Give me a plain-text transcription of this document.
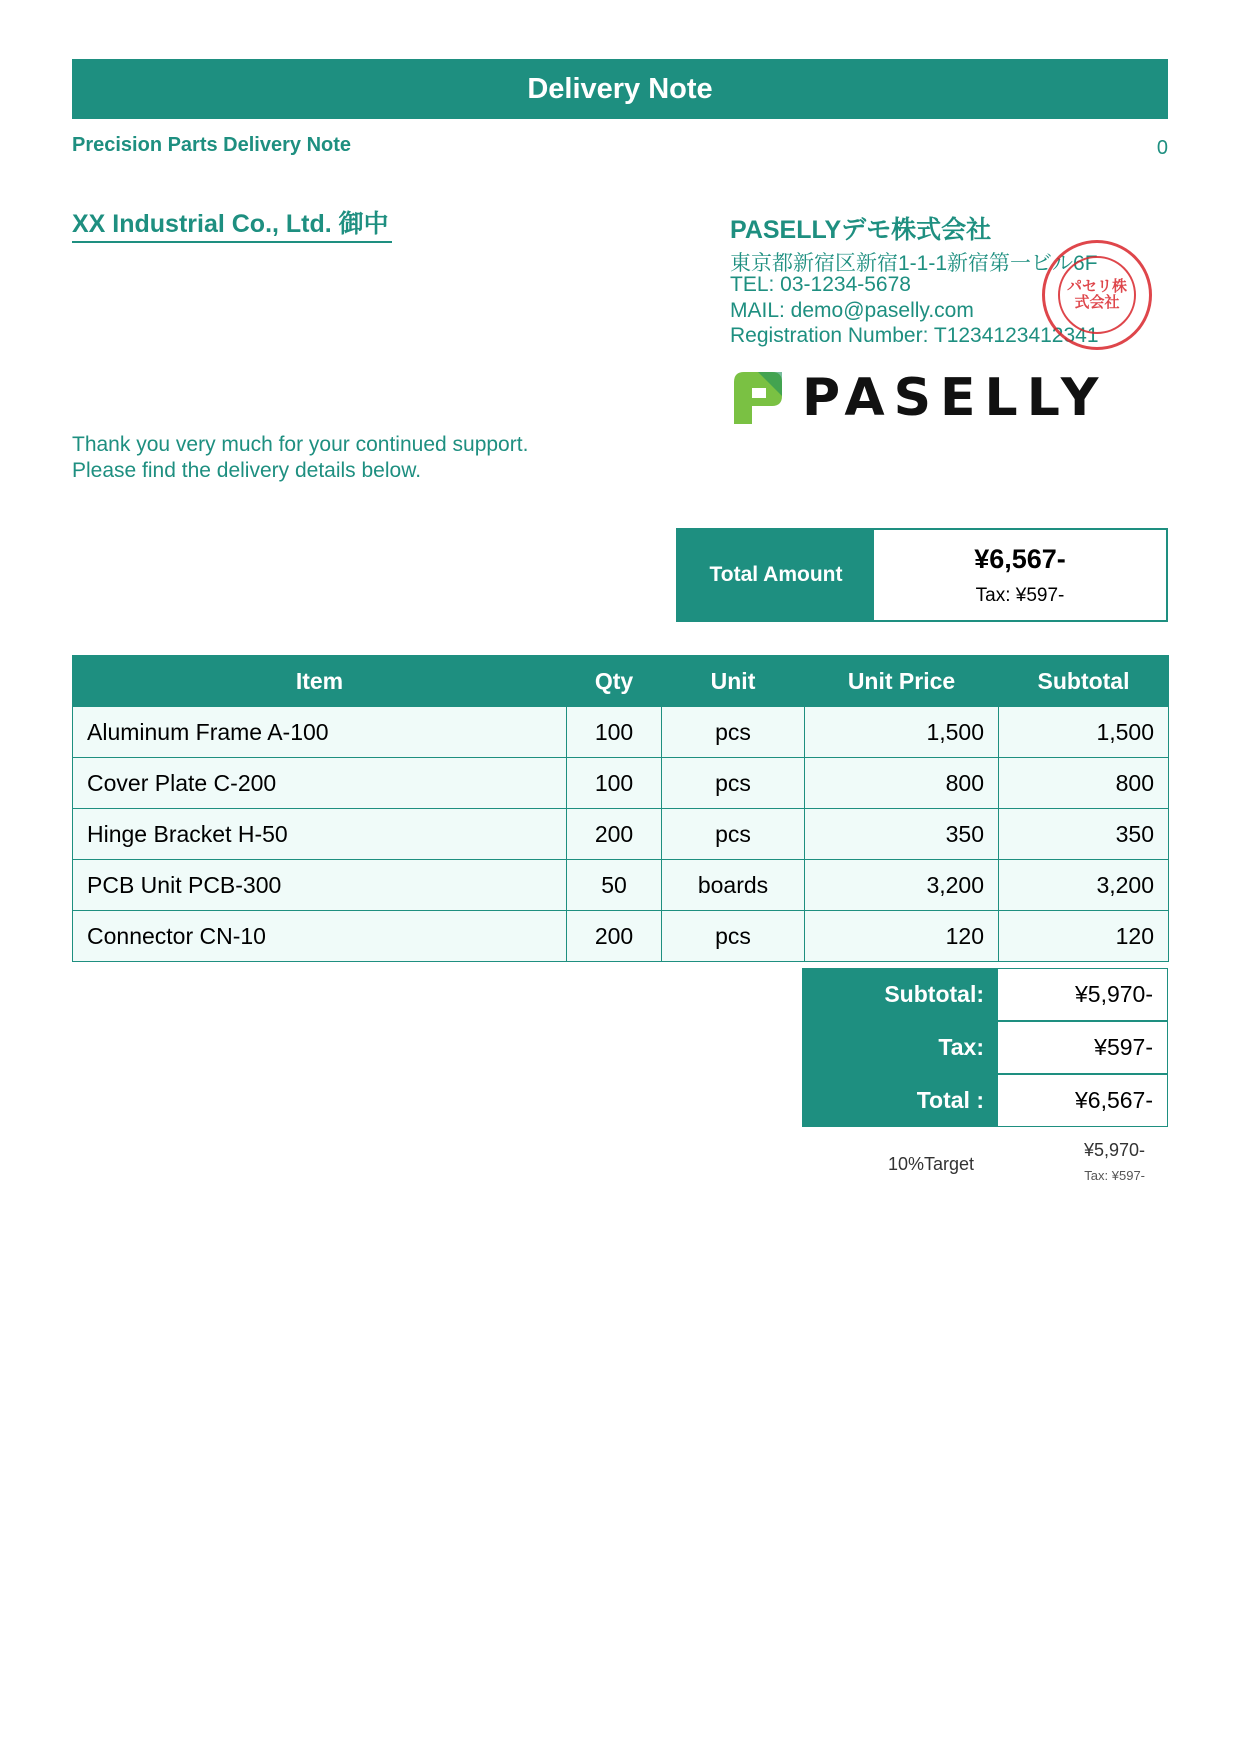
Delivery Note
Precision Parts Delivery Note	0
XX Industrial Co., Ltd. 御中	PASELLYデモ株式会社
東京都新宿区新宿1-1-1新宿第一ビル6F
TEL: 03-1234-5678
MAIL: demo@paselly.com
Registration Number: T1234123412341
パセリ株式会社
PASELLY
Thank you very much for your continued support.
Please find the delivery details below.
Total Amount
¥6,567-
Tax: ¥597-
Item	Qty	Unit	Unit Price	Subtotal
Aluminum Frame A-100	100	pcs	1,500	1,500
Cover Plate C-200	100	pcs	800	800
Hinge Bracket H-50	200	pcs	350	350
PCB Unit PCB-300	50	boards	3,200	3,200
Connector CN-10	200	pcs	120	120
Subtotal:	¥5,970-
Tax:	¥597-
Total :	¥6,567-
10%Target
¥5,970-
Tax: ¥597-
